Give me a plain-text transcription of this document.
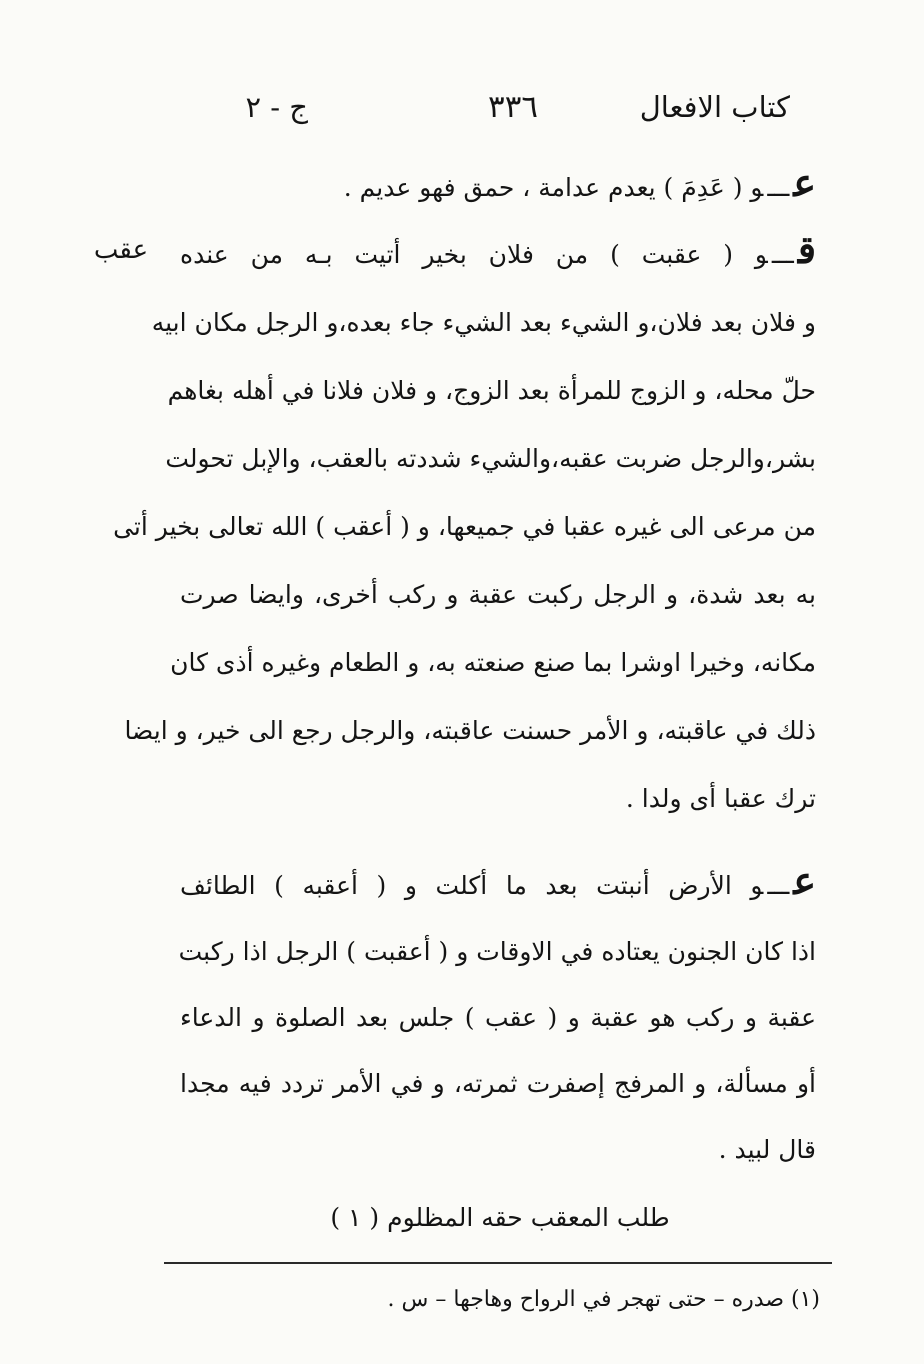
كتاب الافعال
٣٣٦
ج - ٢
عقب
عـــو ( عَدِمَ ) يعدم عدامة ، حمق فهو عديم .
قـــو ( عقبت ) من فلان بخير أتيت بـه من عنده
و فلان بعد فلان،و الشيء بعد الشيء جاء بعده،و الرجل مكان ابيه
حلّ محله، و الزوج للمرأة بعد الزوج، و فلان فلانا في أهله بغاهم
بشر،والرجل ضربت عقبه،والشيء شددته بالعقب، والإبل تحولت
من مرعى الى غيره عقبا في جميعها، و ( أعقب ) الله تعالى بخير أتى
به بعد شدة، و الرجل ركبت عقبة و ركب أخرى، وايضا صرت
مكانه، وخيرا اوشرا بما صنع صنعته به، و الطعام وغيره أذى كان
ذلك في عاقبته، و الأمر حسنت عاقبته، والرجل رجع الى خير، و ايضا
ترك عقبا أى ولدا .
عـــو الأرض أنبتت بعد ما أكلت و ( أعقبه ) الطائف
اذا كان الجنون يعتاده في الاوقات و ( أعقبت ) الرجل اذا ركبت
عقبة و ركب هو عقبة و ( عقب ) جلس بعد الصلوة و الدعاء
أو مسألة، و المرفج إصفرت ثمرته، و في الأمر تردد فيه مجدا
قال لبيد .
طلب المعقب حقه المظلوم ( ١ )
(١) صدره – حتى تهجر في الرواح وهاجها – س .
